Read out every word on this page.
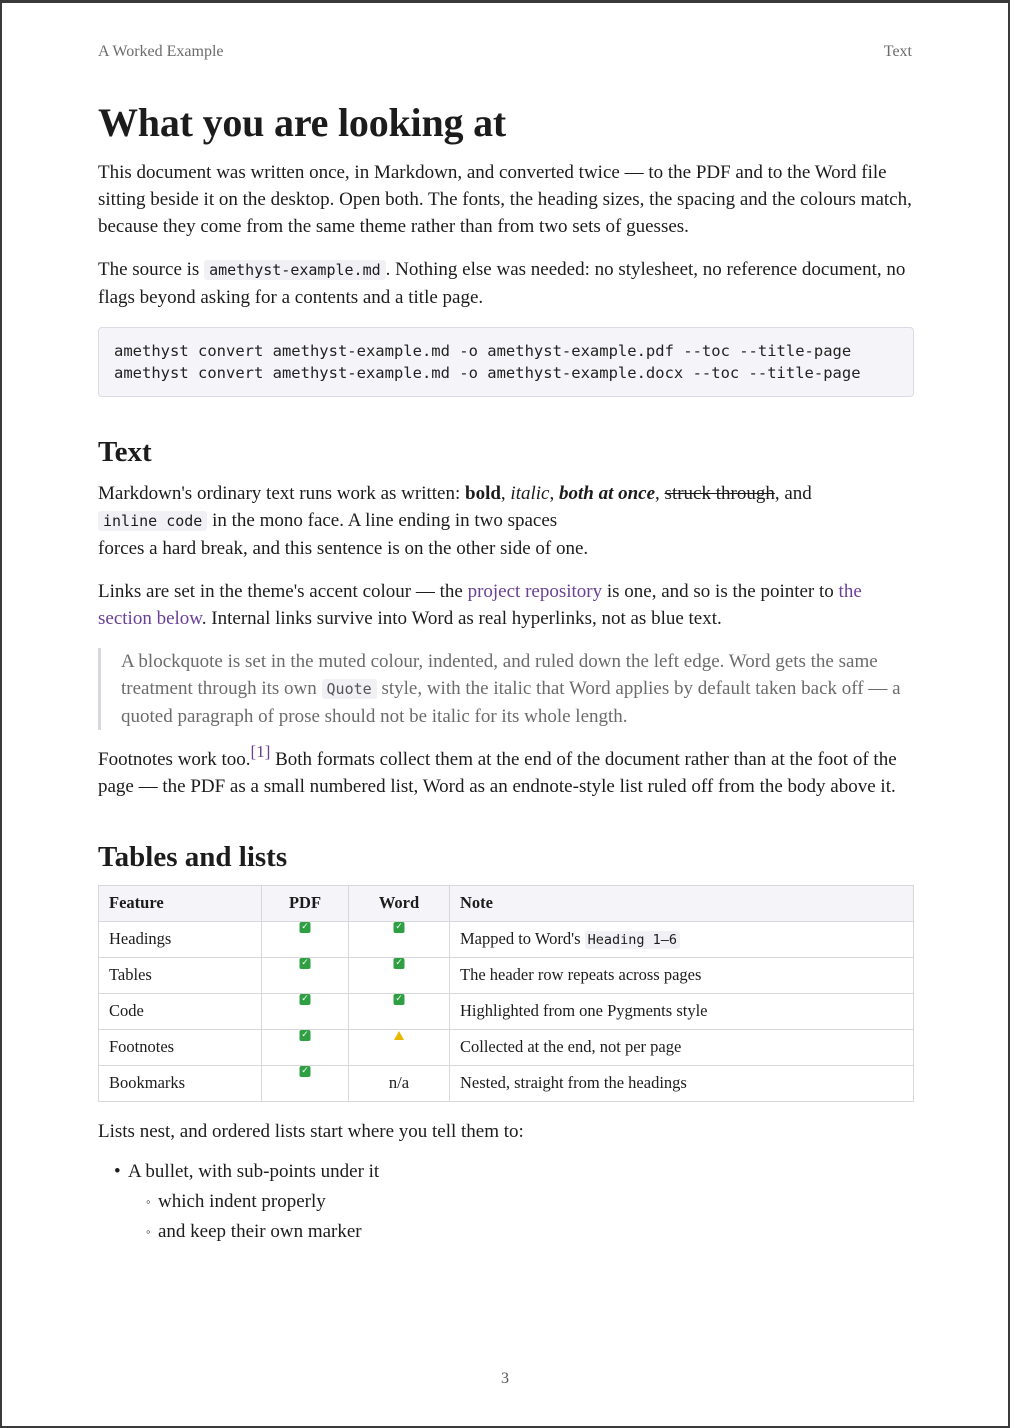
A Worked Example	Text
What you are looking at

This document was written once, in Markdown, and converted twice — to the PDF and to the Word file sitting beside it on the desktop. Open both. The fonts, the heading sizes, the spacing and the colours match, because they come from the same theme rather than from two sets of guesses.

The source is amethyst-example.md . Nothing else was needed: no stylesheet, no reference document, no flags beyond asking for a contents and a title page.

amethyst convert amethyst-example.md -o amethyst-example.pdf --toc --title-page
amethyst convert amethyst-example.md -o amethyst-example.docx --toc --title-page
Text

Markdown's ordinary text runs work as written: bold, italic, both at once, struck through, and
inline code in the mono face. A line ending in two spaces
forces a hard break, and this sentence is on the other side of one.

Links are set in the theme's accent colour — the project repository is one, and so is the pointer to the section below. Internal links survive into Word as real hyperlinks, not as blue text.

A blockquote is set in the muted colour, indented, and ruled down the left edge. Word gets the same treatment through its own Quote style, with the italic that Word applies by default taken back off — a quoted paragraph of prose should not be italic for its whole length.

Footnotes work too.[1] Both formats collect them at the end of the document rather than at the foot of the page — the PDF as a small numbered list, Word as an endnote-style list ruled off from the body above it.

Tables and lists
Feature	PDF	Word	Note
Headings	✓	✓	Mapped to Word's Heading 1–6
Tables	✓	✓	The header row repeats across pages
Code	✓	✓	Highlighted from one Pygments style
Footnotes	✓		Collected at the end, not per page
Bookmarks	✓	n/a	Nested, straight from the headings

Lists nest, and ordered lists start where you tell them to:

• A bullet, with sub-points under it
◦ which indent properly
◦ and keep their own marker
3
